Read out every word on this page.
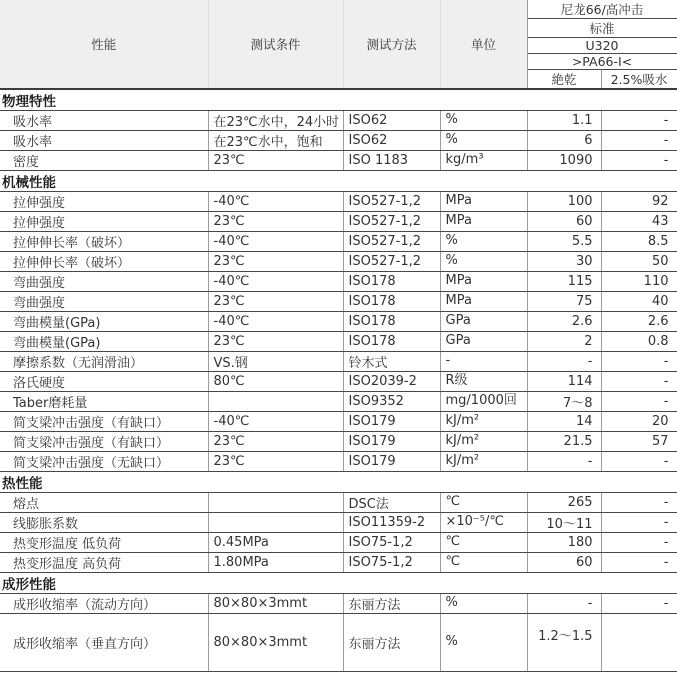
性能	测试条件	测试方法	单位	尼龙66/高冲击	
				标准	
				U320	
				>PA66-I<	
				絶乾	2.5%吸水
物理特性					
吸水率	在23℃水中，24小时	ISO62	%	1.1	-
吸水率	在23℃水中，饱和	ISO62	%	6	-
密度	23℃	ISO 1183	kg/m³	1090	-
机械性能					
拉伸强度	-40℃	ISO527-1,2	MPa	100	92
拉伸强度	23℃	ISO527-1,2	MPa	60	43
拉伸伸长率（破坏）	-40℃	ISO527-1,2	%	5.5	8.5
拉伸伸长率（破坏）	23℃	ISO527-1,2	%	30	50
弯曲强度	-40℃	ISO178	MPa	115	110
弯曲强度	23℃	ISO178	MPa	75	40
弯曲模量(GPa)	-40℃	ISO178	GPa	2.6	2.6
弯曲模量(GPa)	23℃	ISO178	GPa	2	0.8
摩擦系数（无润滑油）	VS.钢	铃木式	-	-	-
洛氏硬度	80℃	ISO2039-2	R级	114	-
Taber磨耗量		ISO9352	mg/1000回	7〜8	-
简支梁冲击强度（有缺口）	-40℃	ISO179	kJ/m²	14	20
简支梁冲击强度（有缺口）	23℃	ISO179	kJ/m²	21.5	57
简支梁冲击强度（无缺口）	23℃	ISO179	kJ/m²	-	-
热性能					
熔点		DSC法	℃	265	-
线膨胀系数		ISO11359-2	×10⁻⁵/℃	10〜11	-
热变形温度 低负荷	0.45MPa	ISO75-1,2	℃	180	-
热变形温度 高负荷	1.80MPa	ISO75-1,2	℃	60	-
成形性能					
成形收缩率（流动方向）	80×80×3mmt	东丽方法	%	-	-
成形收缩率（垂直方向）	80×80×3mmt	东丽方法	%	1.2〜1.5	
